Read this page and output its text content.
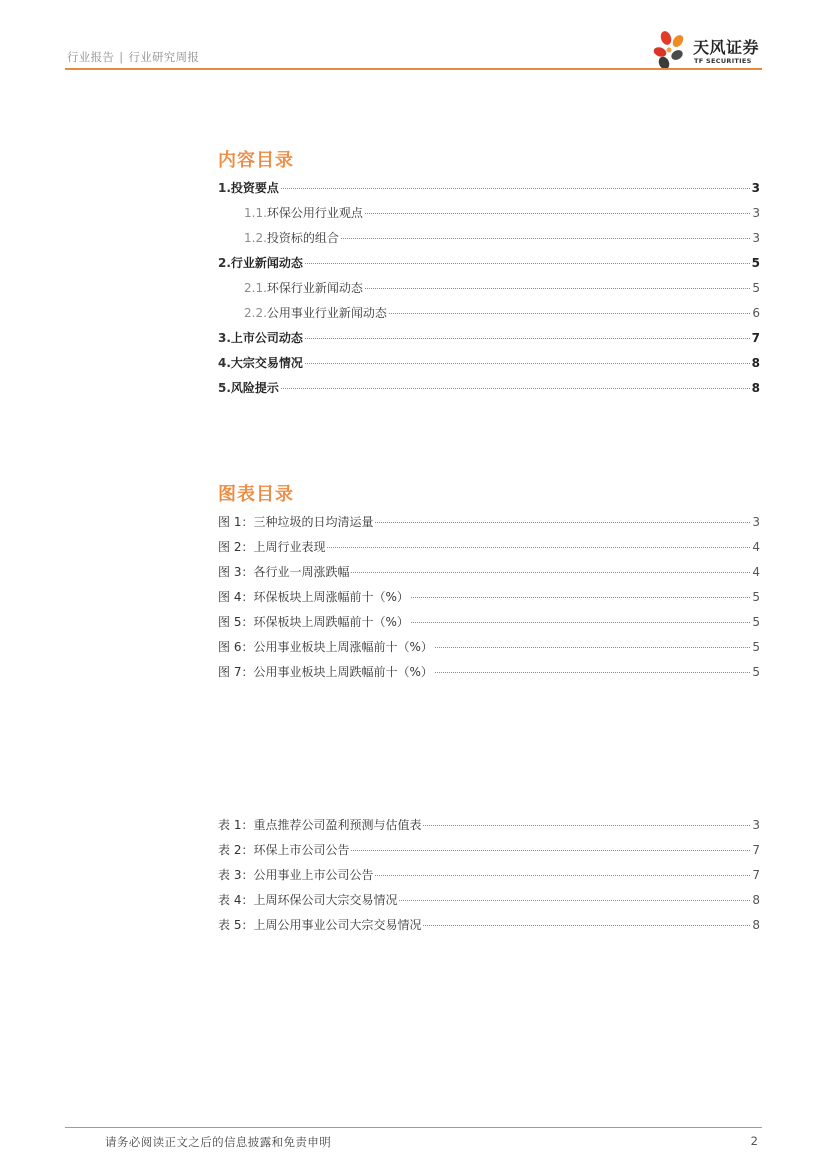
行业报告 | 行业研究周报	天风证券
TF SECURITIES
内容目录
1. 投资要点	3
1.1. 环保公用行业观点	3
1.2. 投资标的组合	3
2. 行业新闻动态	5
2.1. 环保行业新闻动态	5
2.2. 公用事业行业新闻动态	6
3. 上市公司动态	7
4. 大宗交易情况	8
5. 风险提示	8
图表目录
图 1：三种垃圾的日均清运量	3
图 2：上周行业表现	4
图 3：各行业一周涨跌幅	4
图 4：环保板块上周涨幅前十（%）	5
图 5：环保板块上周跌幅前十（%）	5
图 6：公用事业板块上周涨幅前十（%）	5
图 7：公用事业板块上周跌幅前十（%）	5
表 1：重点推荐公司盈利预测与估值表	3
表 2：环保上市公司公告	7
表 3：公用事业上市公司公告	7
表 4：上周环保公司大宗交易情况	8
表 5：上周公用事业公司大宗交易情况	8
请务必阅读正文之后的信息披露和免责申明	2
